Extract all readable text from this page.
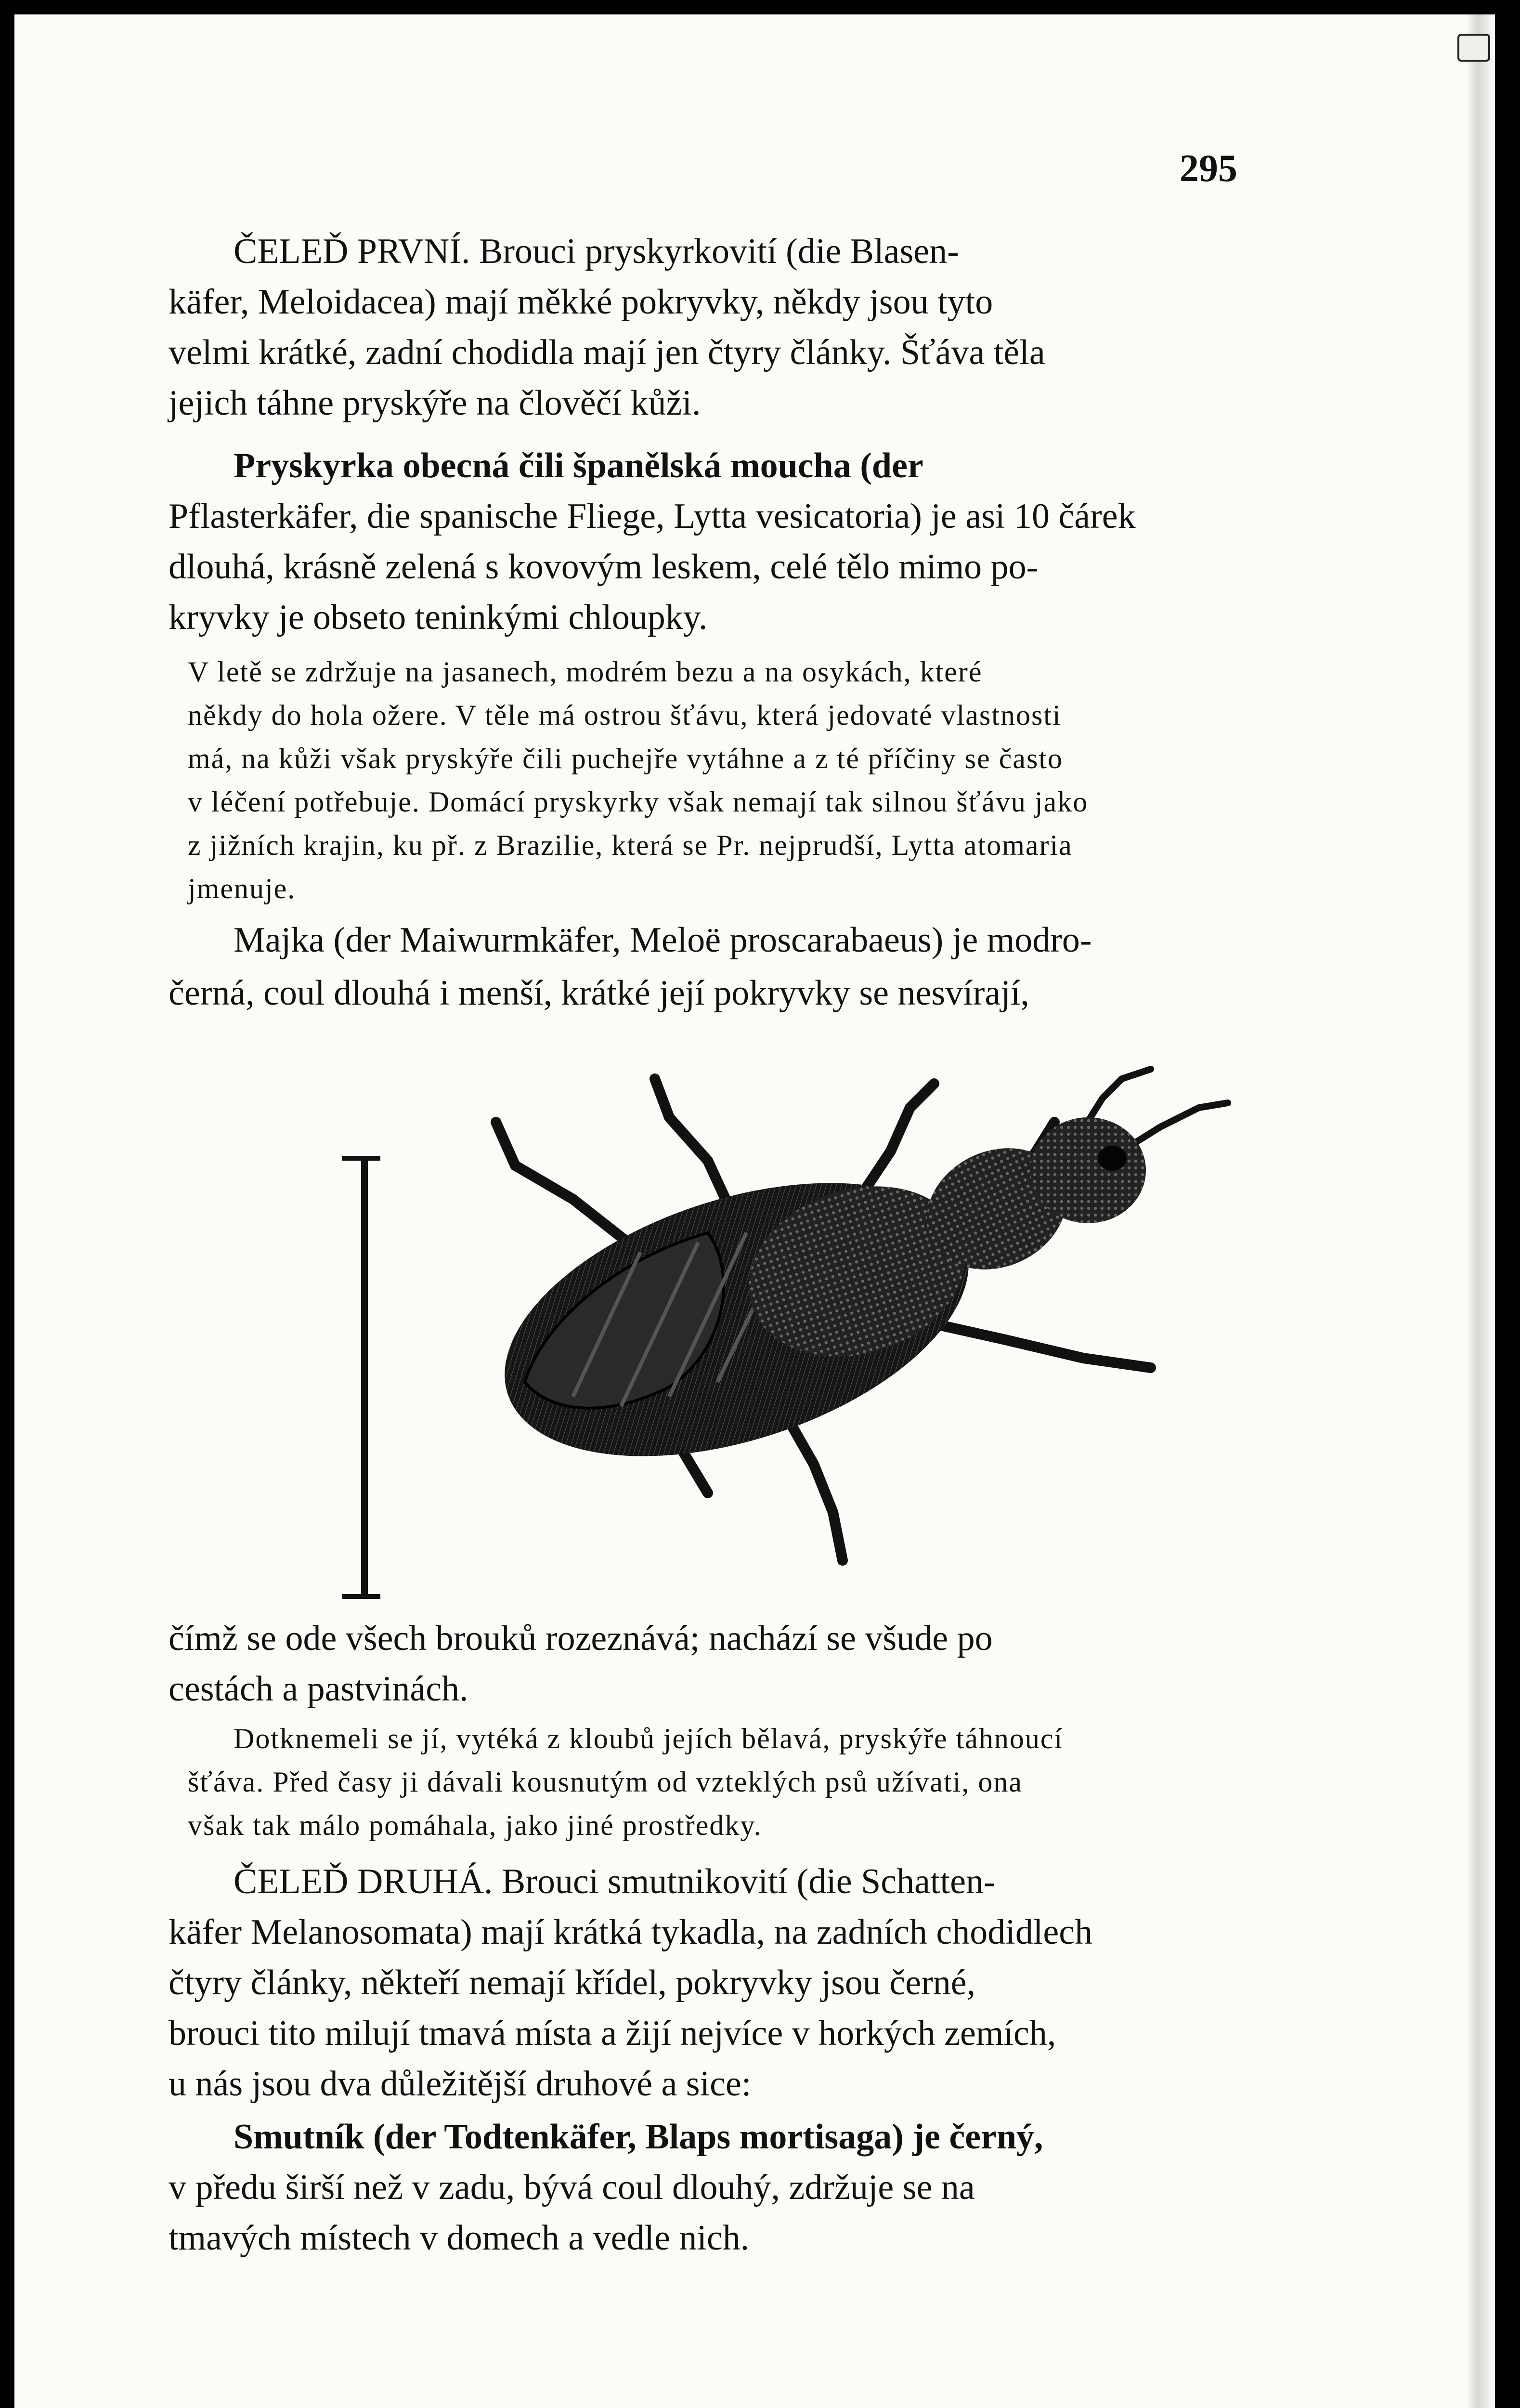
295
ČELEĎ PRVNÍ. Brouci pryskyrkovití (die Blasen-
käfer, Meloidacea) mají měkké pokryvky, někdy jsou tyto
velmi krátké, zadní chodidla mají jen čtyry články. Šťáva těla
jejich táhne pryskýře na člověčí kůži.
Pryskyrka obecná čili španělská moucha (der
Pflasterkäfer, die spanische Fliege, Lytta vesicatoria) je asi 10 čárek
dlouhá, krásně zelená s kovovým leskem, celé tělo mimo po-
kryvky je obseto teninkými chloupky.
V letě se zdržuje na jasanech, modrém bezu a na osykách, které
někdy do hola ožere. V těle má ostrou šťávu, která jedovaté vlastnosti
má, na kůži však pryskýře čili puchejře vytáhne a z té příčiny se často
v léčení potřebuje. Domácí pryskyrky však nemají tak silnou šťávu jako
z jižních krajin, ku př. z Brazilie, která se Pr. nejprudší, Lytta atomaria
jmenuje.
Majka (der Maiwurmkäfer, Meloë proscarabaeus) je modro-
černá, coul dlouhá i menší, krátké její pokryvky se nesvírají,
čímž se ode všech brouků rozeznává; nachází se všude po
cestách a pastvinách.
Dotknemeli se jí, vytéká z kloubů jejích bělavá, pryskýře táhnoucí
šťáva. Před časy ji dávali kousnutým od vzteklých psů užívati, ona
však tak málo pomáhala, jako jiné prostředky.
ČELEĎ DRUHÁ. Brouci smutnikovití (die Schatten-
käfer Melanosomata) mají krátká tykadla, na zadních chodidlech
čtyry články, někteří nemají křídel, pokryvky jsou černé,
brouci tito milují tmavá místa a žijí nejvíce v horkých zemích,
u nás jsou dva důležitější druhové a sice:
Smutník (der Todtenkäfer, Blaps mortisaga) je černý,
v předu širší než v zadu, bývá coul dlouhý, zdržuje se na
tmavých místech v domech a vedle nich.
